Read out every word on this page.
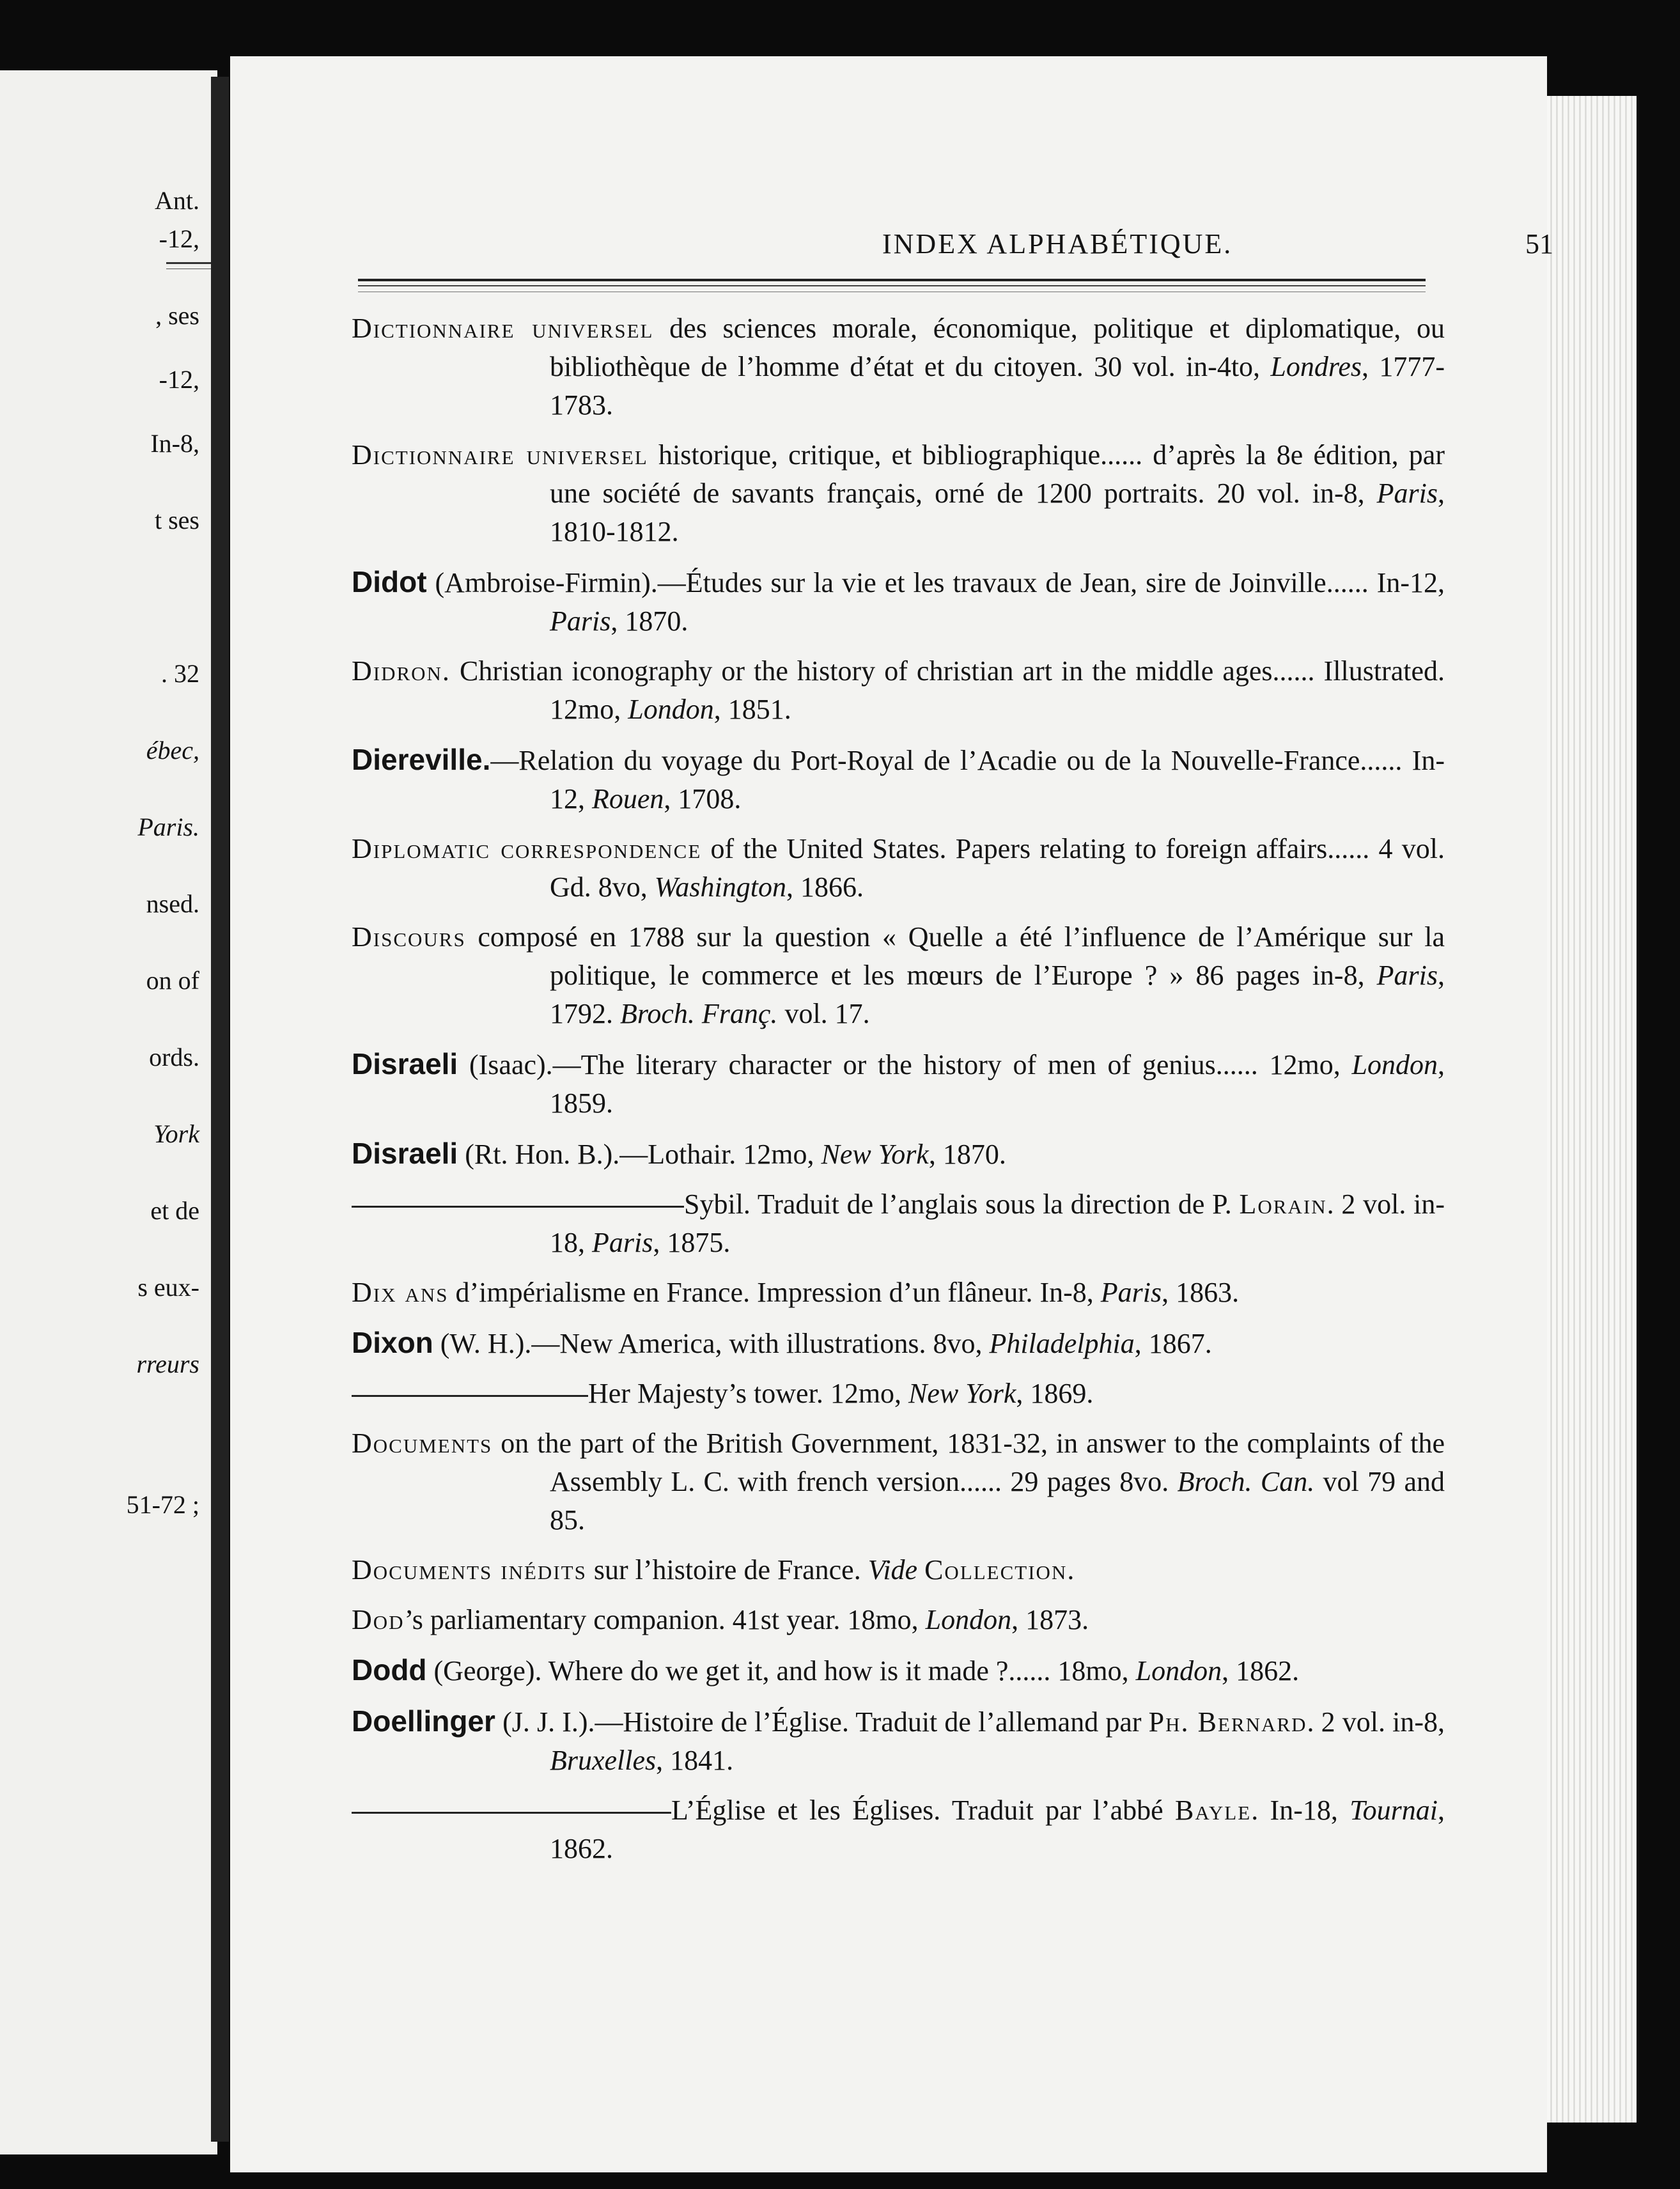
Ant.
-12,
, ses
-12,
In-8,
t ses
. 32
ébec,
Paris.
nsed.
on of
ords.
York
et de
s eux-
rreurs
51-72 ;
INDEX ALPHABÉTIQUE.	51

Dictionnaire universel des sciences morale, économique, politique et diplomatique, ou bibliothèque de l’homme d’état et du citoyen. 30 vol. in-4to, Londres, 1777-1783.

Dictionnaire universel historique, critique, et bibliographique...... d’après la 8e édition, par une société de savants français, orné de 1200 portraits. 20 vol. in-8, Paris, 1810-1812.

Didot (Ambroise-Firmin).—Études sur la vie et les travaux de Jean, sire de Joinville...... In-12, Paris, 1870.

Didron. Christian iconography or the history of christian art in the middle ages...... Illustrated. 12mo, London, 1851.

Diereville.—Relation du voyage du Port-Royal de l’Acadie ou de la Nouvelle-France...... In-12, Rouen, 1708.

Diplomatic correspondence of the United States. Papers relating to foreign affairs...... 4 vol. Gd. 8vo, Washington, 1866.

Discours composé en 1788 sur la question « Quelle a été l’influence de l’Amérique sur la politique, le commerce et les mœurs de l’Europe ? » 86 pages in-8, Paris, 1792. Broch. Franç. vol. 17.

Disraeli (Isaac).—The literary character or the history of men of genius...... 12mo, London, 1859.

Disraeli (Rt. Hon. B.).—Lothair. 12mo, New York, 1870.

Sybil. Traduit de l’anglais sous la direction de P. Lorain. 2 vol. in-18, Paris, 1875.

Dix ans d’impérialisme en France. Impression d’un flâneur. In-8, Paris, 1863.

Dixon (W. H.).—New America, with illustrations. 8vo, Philadelphia, 1867.

Her Majesty’s tower. 12mo, New York, 1869.

Documents on the part of the British Government, 1831-32, in answer to the complaints of the Assembly L. C. with french version...... 29 pages 8vo. Broch. Can. vol 79 and 85.

Documents inédits sur l’histoire de France. Vide Collection.

Dod’s parliamentary companion. 41st year. 18mo, London, 1873.

Dodd (George). Where do we get it, and how is it made ?...... 18mo, London, 1862.

Doellinger (J. J. I.).—Histoire de l’Église. Traduit de l’allemand par Ph. Bernard. 2 vol. in-8, Bruxelles, 1841.

L’Église et les Églises. Traduit par l’abbé Bayle. In-18, Tournai, 1862.
